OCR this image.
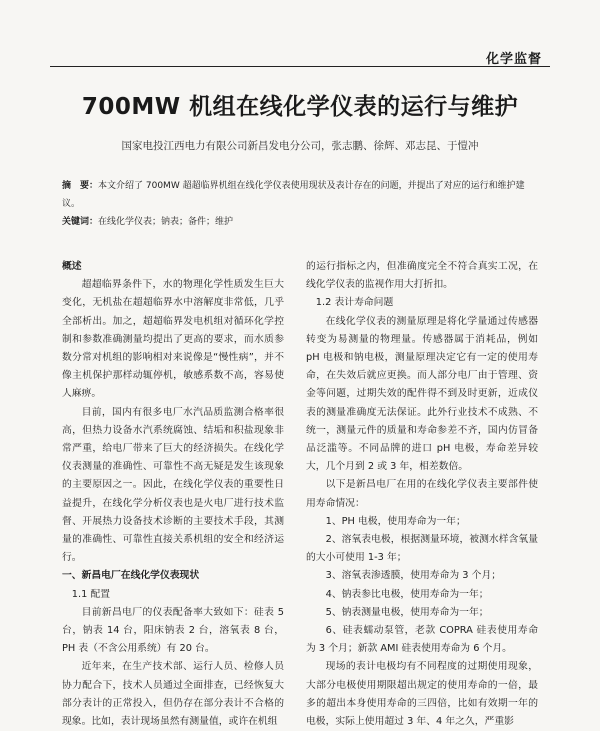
化学监督
700MW 机组在线化学仪表的运行与维护
国家电投江西电力有限公司新昌发电分公司，张志鹏、徐辉、邓志昆、于愷冲
摘　要：本文介绍了 700MW 超超临界机组在线化学仪表使用现状及表计存在的问题，并提出了对应的运行和维护建议。
关键词：在线化学仪表；钠表；备件；维护

概述

超超临界条件下，水的物理化学性质发生巨大变化，无机盐在超超临界水中溶解度非常低，几乎全部析出。加之，超超临界发电机组对循环化学控制和参数准确测量均提出了更高的要求，而水质参数分常对机组的影响相对来说像是“慢性病”，并不像主机保护那样动辄停机，敏感系数不高，容易使人麻痹。

目前，国内有很多电厂水汽品质监测合格率很高，但热力设备水汽系统腐蚀、结垢和积盐现象非常严重，给电厂带来了巨大的经济损失。在线化学仪表测量的准确性、可靠性不高无疑是发生该现象的主要原因之一。因此，在线化学仪表的重要性日益提升，在线化学分析仪表也是火电厂进行技术监督、开展热力设备技术诊断的主要技术手段，其测量的准确性、可靠性直接关系机组的安全和经济运行。

一、新昌电厂在线化学仪表现状

1.1 配置

目前新昌电厂的仪表配备率大致如下：硅表 5 台，钠表 14 台，阳床钠表 2 台，溶氧表 8 台，PH 表（不含公用系统）有 20 台。

近年来，在生产技术部、运行人员、检修人员协力配合下，技术人员通过全面排查，已经恢复大部分表计的正常投入，但仍存在部分表计不合格的现象。比如，表计现场虽然有测量值，或许在机组

的运行指标之内，但准确度完全不符合真实工况，在线化学仪表的监视作用大打折扣。

1.2 表计寿命问题

在线化学仪表的测量原理是将化学量通过传感器转变为易测量的物理量。传感器属于消耗品，例如 pH 电极和钠电极，测量原理决定它有一定的使用寿命，在失效后就应更换。而人部分电厂由于管理、资金等问题，过期失效的配件得不到及时更新，近成仪表的测量准确度无法保证。此外行业技术不成熟、不统一，测量元件的质量和寿命参差不齐，国内仿冒备品泛滥等。不同品牌的进口 pH 电极，寿命差异较大，几个月到 2 或 3 年，相差数倍。

以下是新昌电厂在用的在线化学仪表主要部件使用寿命情况：

1、PH 电极，使用寿命为一年；

2、溶氧表电极，根据测量环境，被测水样含氧量的大小可使用 1-3 年；

3、溶氧表渗透膜，使用寿命为 3 个月；

4、钠表参比电极，使用寿命为一年；

5、钠表测量电极，使用寿命为一年；

6、硅表蠕动泵管，老款 COPRA 硅表使用寿命为 3 个月；新款 AMI 硅表使用寿命为 6 个月。

现场的表计电极均有不同程度的过期使用现象，大部分电极使用期限超出规定的使用寿命的一倍，最多的超出本身使用寿命的三四倍，比如有效期一年的电极，实际上使用超过 3 年、4 年之久，严重影
